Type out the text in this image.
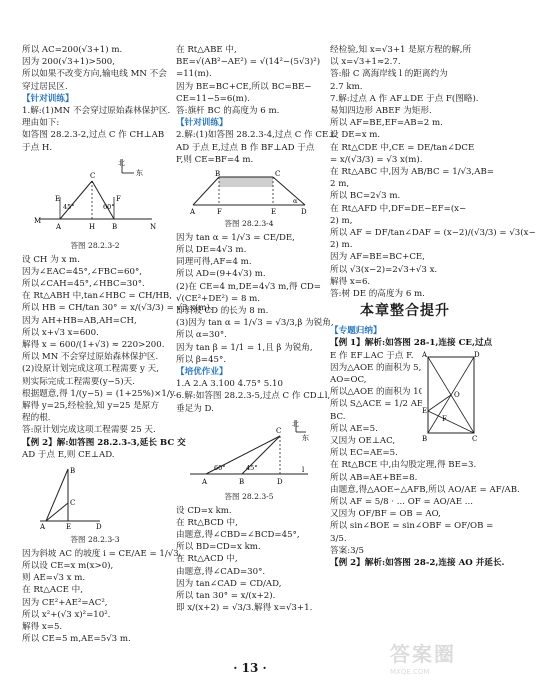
所以 AC=200(√3+1) m.
因为 200(√3+1)>500,
所以如果不改变方向,输电线 MN 不会
穿过居民区.
【针对训练】
1.解:(1)MN 不会穿过原始森林保护区.
理由如下:
如答图 28.2.3-2,过点 C 作 CH⊥AB
于点 H.
北
东
C
45°	60°
E	F
M
A	H B	N
答图 28.2.3-2
设 CH 为 x m.
因为∠EAC=45°,∠FBC=60°,
所以∠CAH=45°,∠HBC=30°.
在 Rt△ABH 中,tan∠HBC = CH/HB,
所以 HB = CH/tan 30° = x/(√3/3) = √3 x(m).
因为 AH+HB=AB,AH=CH,
所以 x+√3 x=600.
解得 x = 600/(1+√3) ≈ 220>200.
所以 MN 不会穿过原始森林保护区.
(2)设原计划完成这项工程需要 y 天,
则实际完成工程需要(y−5)天.
根据题意,得 1/(y−5) = (1+25%)×1/y.
解得 y=25,经检验,知 y=25 是原方
程的根.
答:原计划完成这项工程需要 25 天.
【例 2】解:如答图 28.2.3-3,延长 BC 交
AD 于点 E,则 CE⊥AD.
B
C
A	E	D
答图 28.2.3-3
因为斜坡 AC 的坡度 i = CE/AE = 1/√3,
所以设 CE=x m(x>0),
则 AE=√3 x m.
在 Rt△ACE 中,
因为 CE²+AE²=AC²,
所以 x²+(√3 x)²=10².
解得 x=5.
所以 CE=5 m,AE=5√3 m.
在 Rt△ABE 中,
BE=√(AB²−AE²) = √(14²−(5√3)²)
=11(m).
因为 BE=BC+CE,所以 BC=BE−
CE=11−5=6(m).
答:旗杆 BC 的高度为 6 m.
【针对训练】
2.解:(1)如答图 28.2.3-4,过点 C 作 CE⊥
AD 于点 E,过点 B 作 BF⊥AD 于点
F,则 CE=BF=4 m.
B	C
A	F	E	D
α
答图 28.2.3-4
因为 tan α = 1/√3 = CE/DE,
所以 DE=4√3 m.
同理可得,AF=4 m.
所以 AD=(9+4√3) m.
(2)在 CE=4 m,DE=4√3 m,得 CD=
√(CE²+DE²) = 8 m.
即斜坡 CD 的长为 8 m.
(3)因为 tan α = 1/√3 = √3/3,β 为锐角,
所以 α=30°.
因为 tan β = 1/1 = 1,且 β 为锐角,
所以 β=45°.
【培优作业】
1.A 2.A 3.100 4.75° 5.10
6.解:如答图 28.2.3-5,过点 C 作 CD⊥l,
垂足为 D.
北
东
C
60°	45°
A	B	D
l
答图 28.2.3-5
设 CD=x km.
在 Rt△BCD 中,
由题意,得∠CBD=∠BCD=45°,
所以 BD=CD=x km.
在 Rt△ACD 中,
由题意,得∠CAD=30°.
因为 tan∠CAD = CD/AD,
所以 tan 30° = x/(x+2).
即 x/(x+2) = √3/3.解得 x=√3+1.
经检验,知 x=√3+1 是原方程的解,所
以 x=√3+1≈2.7.
答:船 C 离海岸线 l 的距离约为
2.7 km.
7.解:过点 A 作 AF⊥DE 于点 F(图略).
易知四边形 ABEF 为矩形.
所以 AF=BE,EF=AB=2 m.
设 DE=x m.
在 Rt△CDE 中,CE = DE/tan∠DCE
= x/(√3/3) = √3 x(m).
在 Rt△ABC 中,因为 AB/BC = 1/√3,AB=
2 m,
所以 BC=2√3 m.
在 Rt△AFD 中,DF=DE−EF=(x−
2) m,
所以 AF = DF/tan∠DAF = (x−2)/(√3/3) = √3(x−
2) m.
因为 AF=BE=BC+CE,
所以 √3(x−2)=2√3+√3 x.
解得 x=6.
答:树 DE 的高度为 6 m.
本章整合提升
【专题归纳】
A	D
O
E
F
B	C
【例 1】解析:如答图 28-1,连接 CE,过点
E 作 EF⊥AC 于点 F.
因为△AOE 的面积为 5,
AO=OC,
所以△AOE 的面积为 10.
所以 S△ACE = 1/2 AE·
BC.
所以 AE=5.
又因为 OE⊥AC,
所以 EC=AE=5.
在 Rt△BCE 中,由勾股定理,得 BE=3.
所以 AB=AE+BE=8.
由题意,得△AOE∽△AFB,所以 AO/AE = AF/AB.
所以 AF = 5/8 · ... OF = AO/AE ...
又因为 OF/BF = OB = AO,
所以 sin∠BOE = sin∠OBF = OF/OB =
3/5.
答案:3/5
【例 2】解析:如答图 28-2,连接 AO 并延长.
· 13 ·
答案圈
MXQE.COM
